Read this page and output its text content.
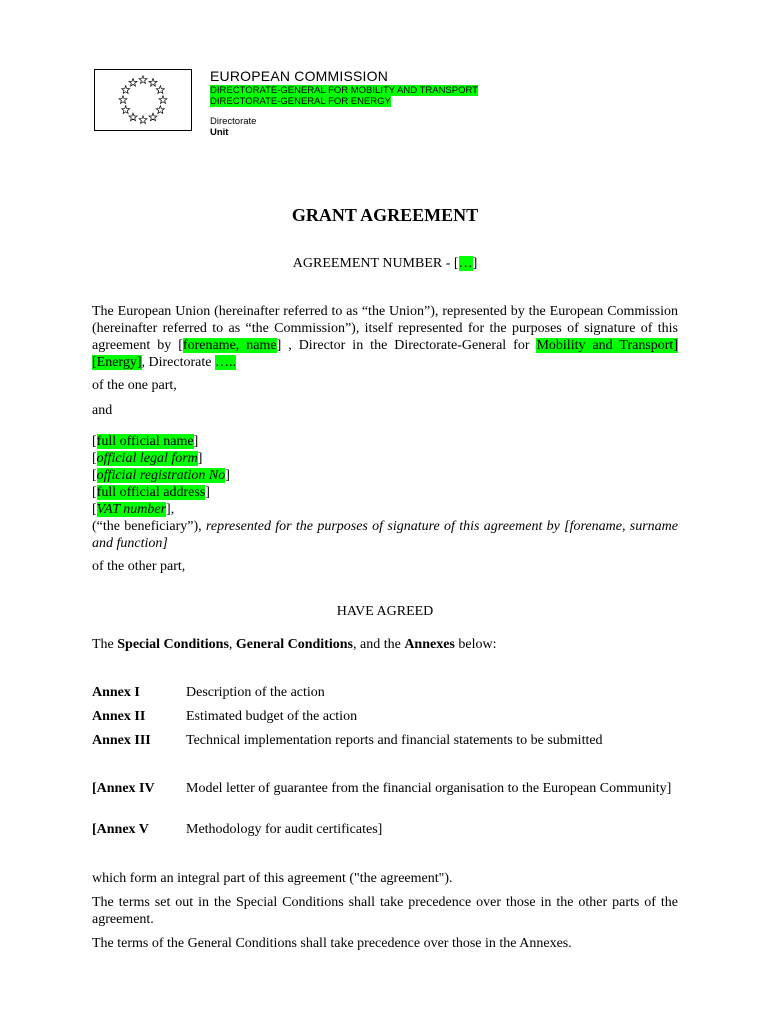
EUROPEAN COMMISSION
DIRECTORATE-GENERAL FOR MOBILITY AND TRANSPORT
DIRECTORATE-GENERAL FOR ENERGY
Directorate
Unit
GRANT AGREEMENT
AGREEMENT NUMBER - […]
The European Union (hereinafter referred to as “the Union”), represented by the European Commission (hereinafter referred to as “the Commission”), itself represented for the purposes of signature of this agreement by [forename, name] , Director in the Directorate-General for Mobility and Transport] [Energy], Directorate …..
of the one part,
and
[full official name]
[official legal form]
[official registration No]
[full official address]
[VAT number],
(“the beneficiary”), represented for the purposes of signature of this agreement by [forename, surname and function]
of the other part,
HAVE AGREED
The Special Conditions, General Conditions, and the Annexes below:
Annex I	Description of the action
Annex II	Estimated budget of the action
Annex III	Technical implementation reports and financial statements to be submitted
[Annex IV Model letter of guarantee from the financial organisation to the European Community]
[Annex V	Methodology for audit certificates]
which form an integral part of this agreement ("the agreement").
The terms set out in the Special Conditions shall take precedence over those in the other parts of the agreement.
The terms of the General Conditions shall take precedence over those in the Annexes.
